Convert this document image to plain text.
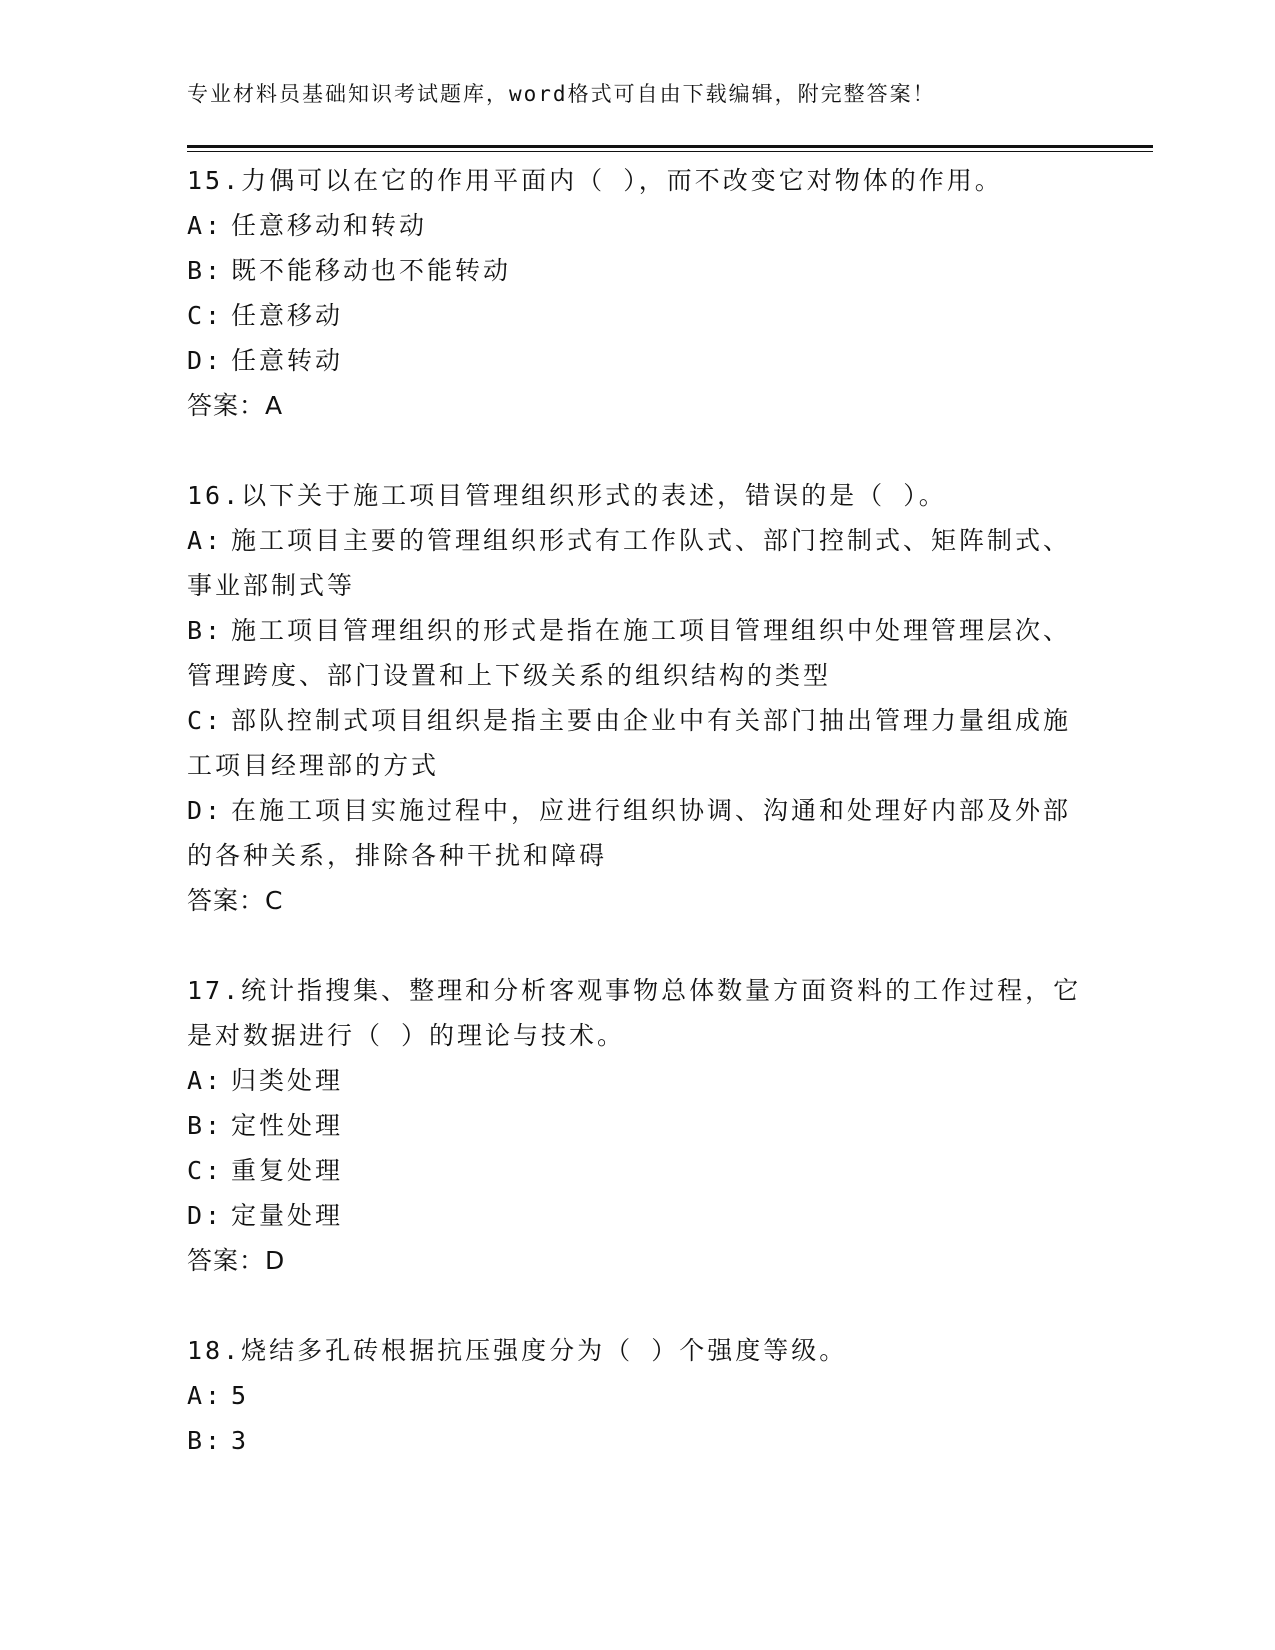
专业材料员基础知识考试题库，word格式可自由下载编辑，附完整答案！
15.力偶可以在它的作用平面内（ ），而不改变它对物体的作用。
A: 任意移动和转动
B: 既不能移动也不能转动
C: 任意移动
D: 任意转动
答案：A
16.以下关于施工项目管理组织形式的表述，错误的是（ ）。
A: 施工项目主要的管理组织形式有工作队式、部门控制式、矩阵制式、事业部制式等
B: 施工项目管理组织的形式是指在施工项目管理组织中处理管理层次、管理跨度、部门设置和上下级关系的组织结构的类型
C: 部队控制式项目组织是指主要由企业中有关部门抽出管理力量组成施工项目经理部的方式
D: 在施工项目实施过程中，应进行组织协调、沟通和处理好内部及外部的各种关系，排除各种干扰和障碍
答案：C
17.统计指搜集、整理和分析客观事物总体数量方面资料的工作过程，它是对数据进行（ ）的理论与技术。
A: 归类处理
B: 定性处理
C: 重复处理
D: 定量处理
答案：D
18.烧结多孔砖根据抗压强度分为（ ）个强度等级。
A: 5
B: 3
